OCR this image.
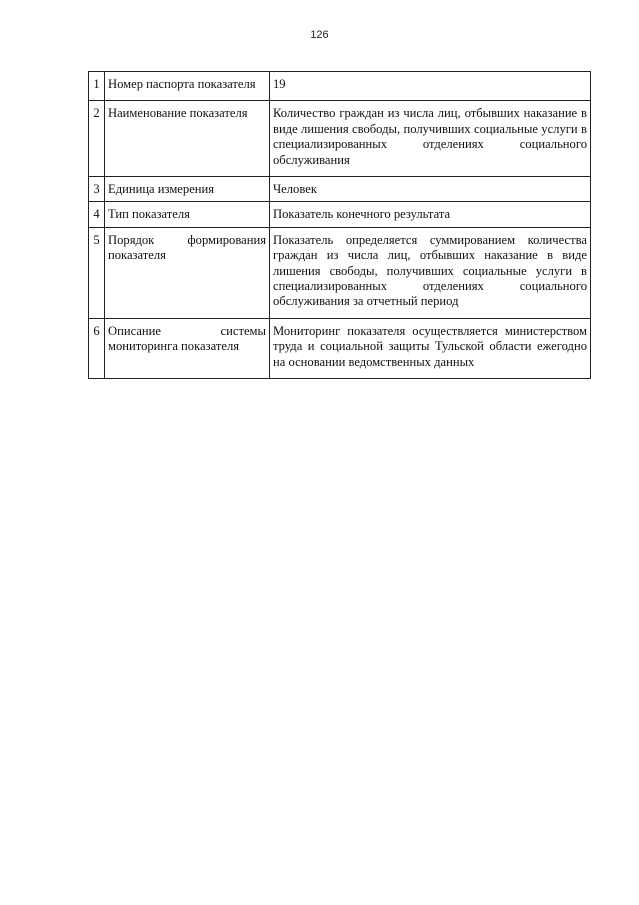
126
1	Номер паспорта показателя	19
2	Наименование показателя	Количество граждан из числа лиц, отбывших наказание в виде лишения свободы, получивших социальные услуги в специализированных отделениях социального обслуживания
3	Единица измерения	Человек
4	Тип показателя	Показатель конечного результата
5	Порядок формирования показателя	Показатель определяется суммированием количества граждан из числа лиц, отбывших наказание в виде лишения свободы, получивших социальные услуги в специализированных отделениях социального обслуживания за отчетный период
6	Описание системы мониторинга показателя	Мониторинг показателя осуществляется министерством труда и социальной защиты Тульской области ежегодно на основании ведомственных данных
